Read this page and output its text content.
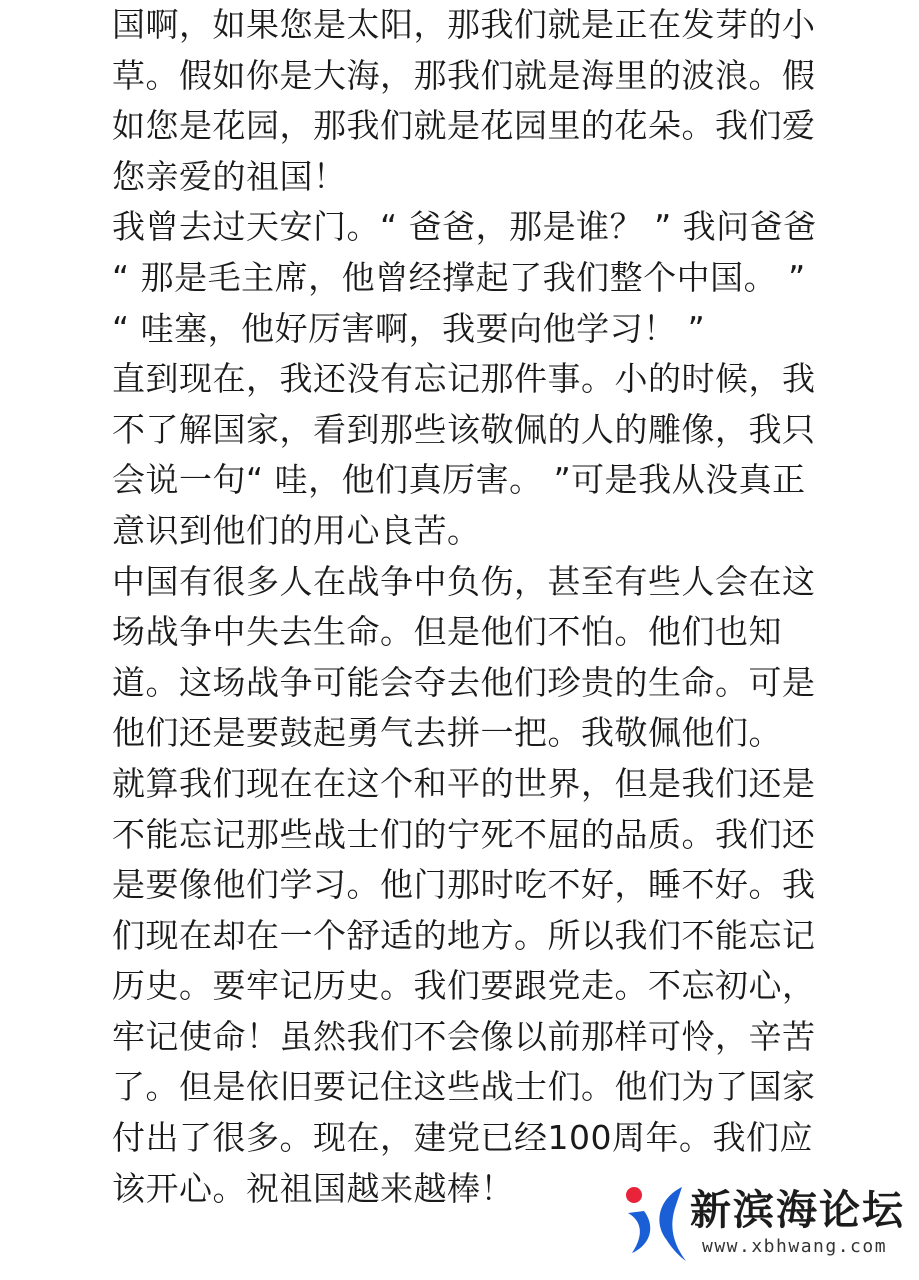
国啊，如果您是太阳，那我们就是正在发芽的小
草。假如你是大海，那我们就是海里的波浪。假
如您是花园，那我们就是花园里的花朵。我们爱
您亲爱的祖国！
我曾去过天安门。“ 爸爸，那是谁？ ” 我问爸爸
“ 那是毛主席，他曾经撑起了我们整个中国。 ”
“ 哇塞，他好厉害啊，我要向他学习！ ”
直到现在，我还没有忘记那件事。小的时候，我
不了解国家，看到那些该敬佩的人的雕像，我只
会说一句“ 哇，他们真厉害。 ”可是我从没真正
意识到他们的用心良苦。
中国有很多人在战争中负伤，甚至有些人会在这
场战争中失去生命。但是他们不怕。他们也知
道。这场战争可能会夺去他们珍贵的生命。可是
他们还是要鼓起勇气去拼一把。我敬佩他们。
就算我们现在在这个和平的世界，但是我们还是
不能忘记那些战士们的宁死不屈的品质。我们还
是要像他们学习。他门那时吃不好，睡不好。我
们现在却在一个舒适的地方。所以我们不能忘记
历史。要牢记历史。我们要跟党走。不忘初心，
牢记使命！虽然我们不会像以前那样可怜，辛苦
了。但是依旧要记住这些战士们。他们为了国家
付出了很多。现在，建党已经100周年。我们应
该开心。祝祖国越来越棒！	新滨海论坛
www.xbhwang.com
